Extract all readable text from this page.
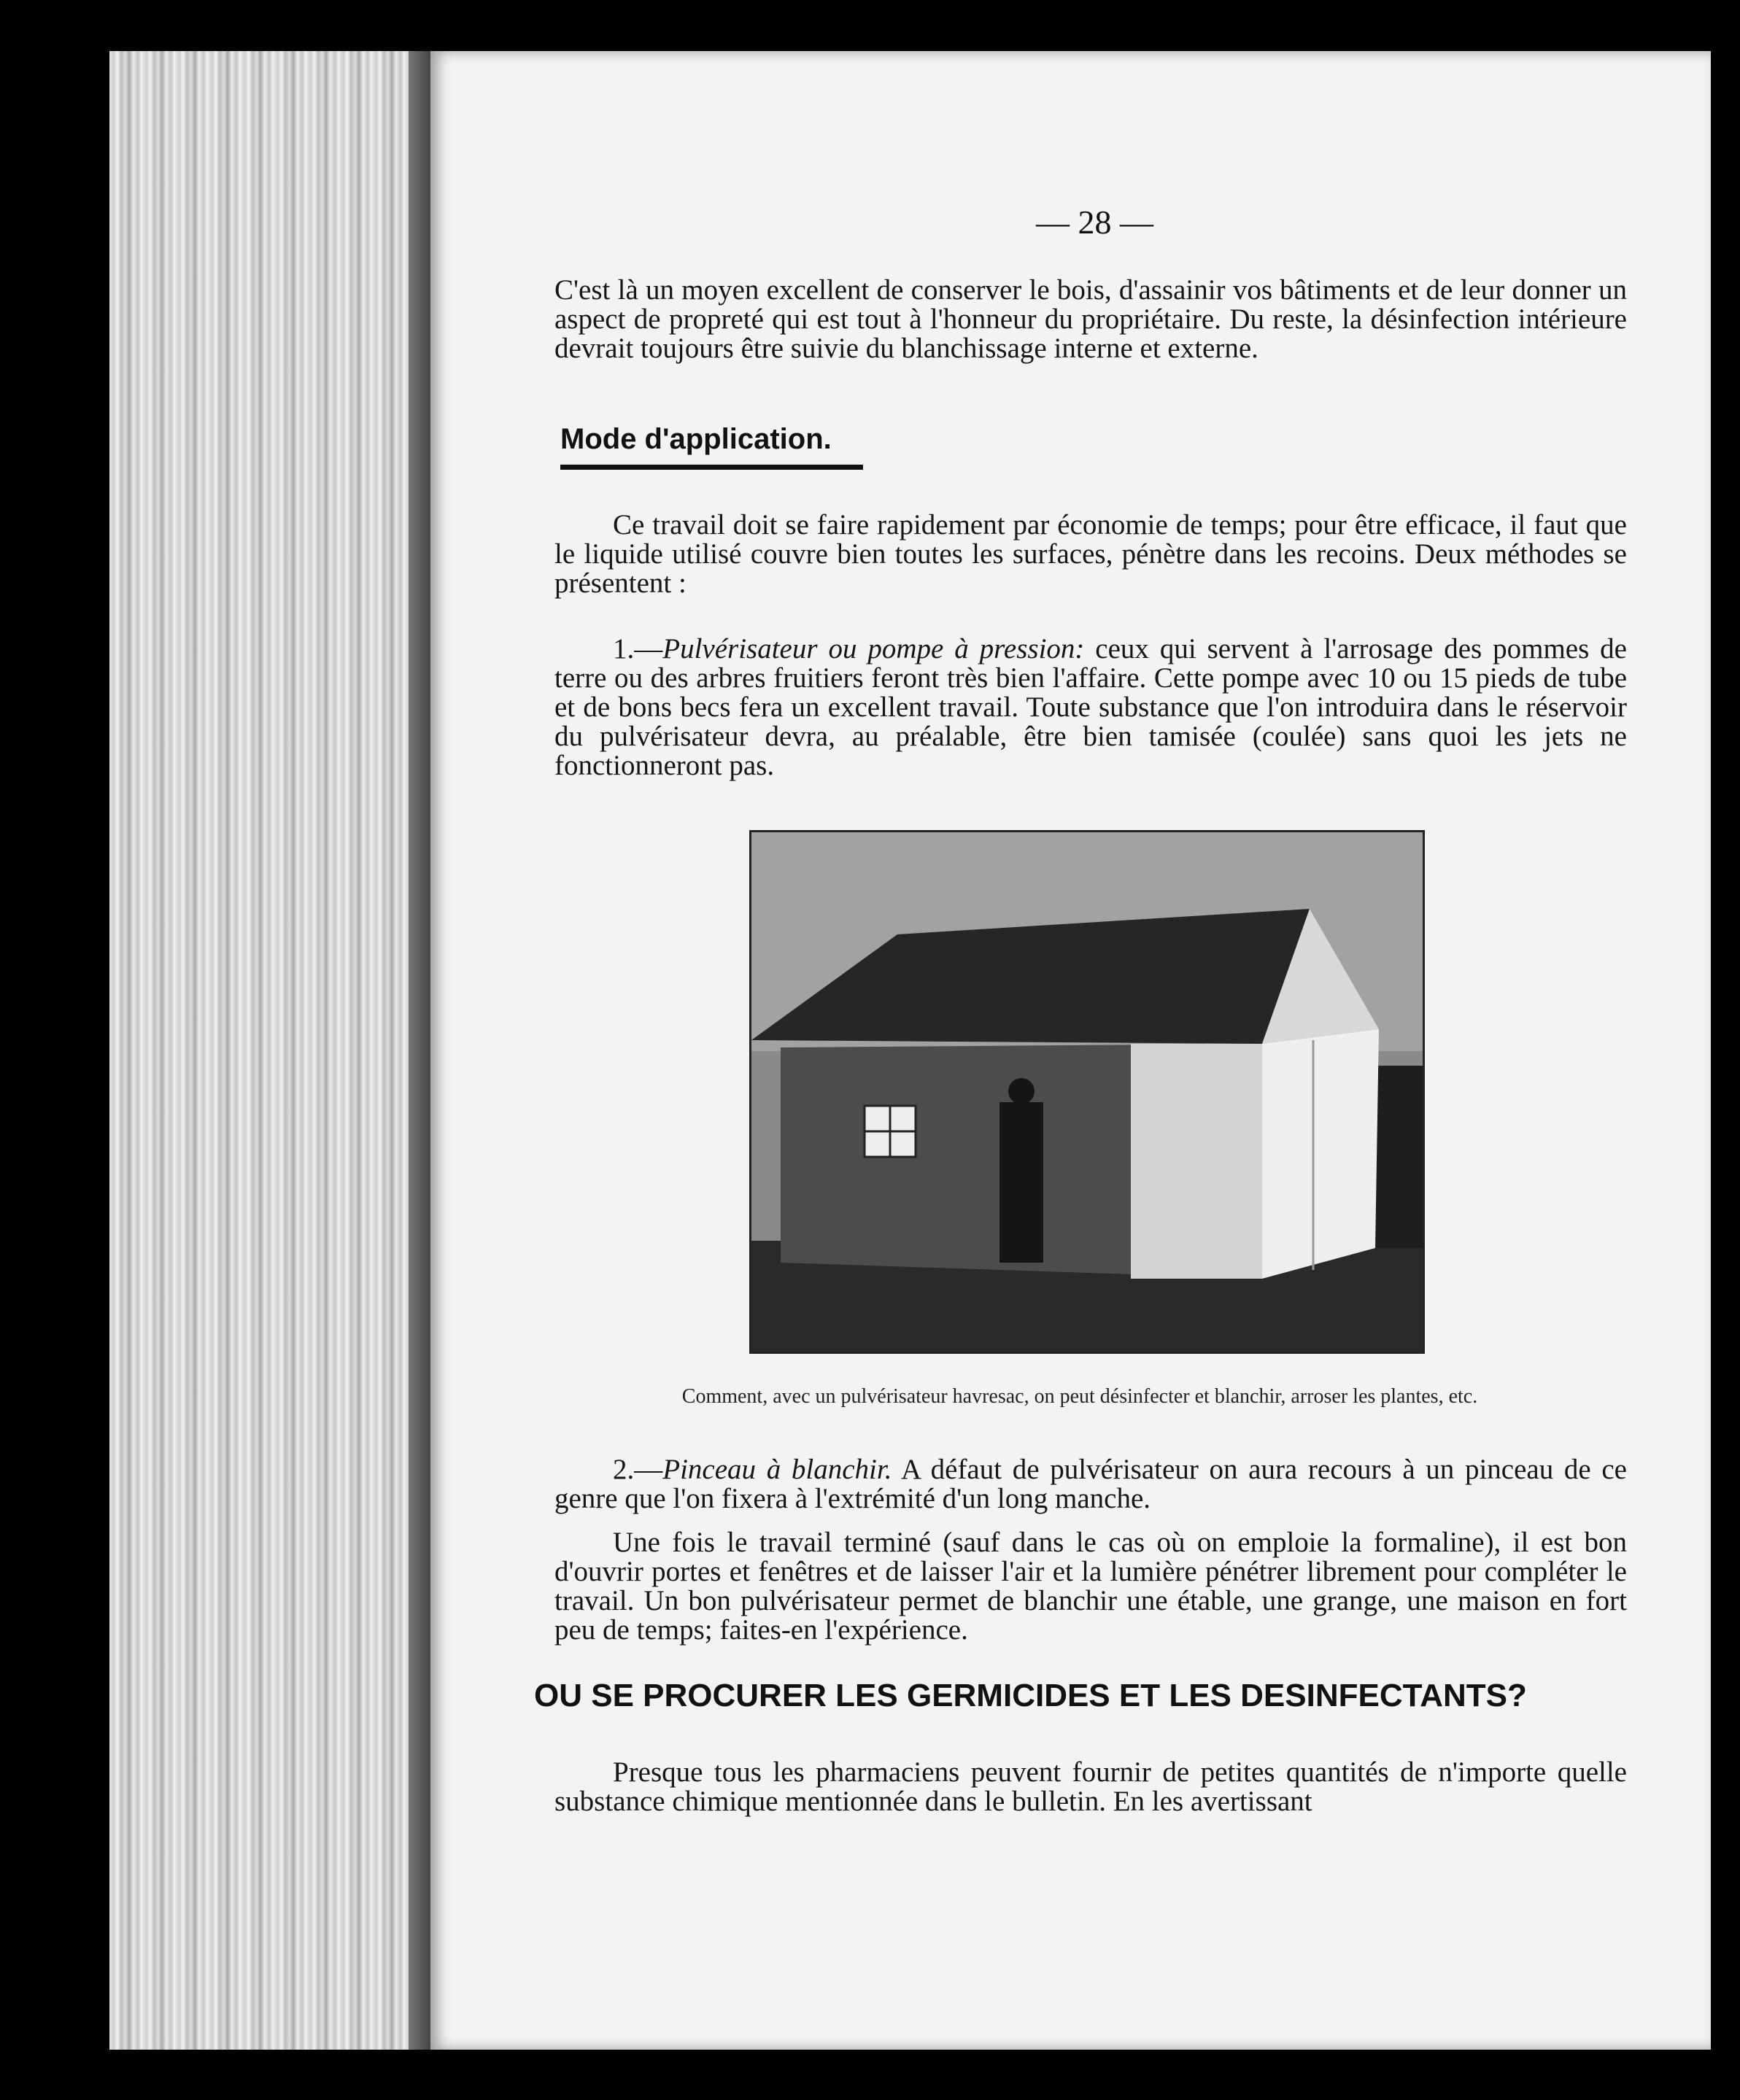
— 28 —

C'est là un moyen excellent de conserver le bois, d'assainir vos bâtiments et de leur donner un aspect de propreté qui est tout à l'honneur du propriétaire. Du reste, la désinfection intérieure devrait toujours être suivie du blanchissage interne et externe.

Mode d'application.

Ce travail doit se faire rapidement par économie de temps; pour être efficace, il faut que le liquide utilisé couvre bien toutes les surfaces, pénètre dans les recoins. Deux méthodes se présentent :

1.—Pulvérisateur ou pompe à pression: ceux qui servent à l'arrosage des pommes de terre ou des arbres fruitiers feront très bien l'affaire. Cette pompe avec 10 ou 15 pieds de tube et de bons becs fera un excellent travail. Toute substance que l'on introduira dans le réservoir du pulvérisateur devra, au préalable, être bien tamisée (coulée) sans quoi les jets ne fonctionneront pas.

Comment, avec un pulvérisateur havresac, on peut désinfecter et blanchir, arroser les plantes, etc.

2.—Pinceau à blanchir. A défaut de pulvérisateur on aura recours à un pinceau de ce genre que l'on fixera à l'extrémité d'un long manche.

Une fois le travail terminé (sauf dans le cas où on emploie la formaline), il est bon d'ouvrir portes et fenêtres et de laisser l'air et la lumière pénétrer librement pour compléter le travail. Un bon pulvérisateur permet de blanchir une étable, une grange, une maison en fort peu de temps; faites-en l'expérience.

OU SE PROCURER LES GERMICIDES ET LES DESINFECTANTS?

Presque tous les pharmaciens peuvent fournir de petites quantités de n'importe quelle substance chimique mentionnée dans le bulletin. En les avertissant
